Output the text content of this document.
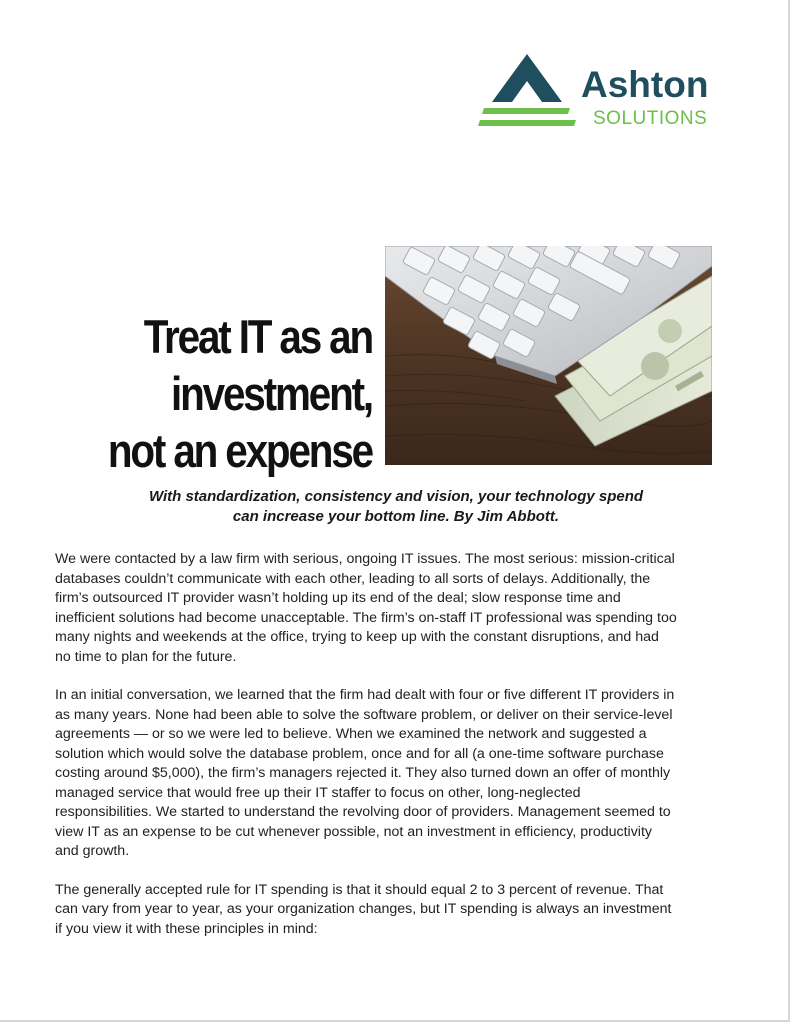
Ashton
SOLUTIONS
Treat IT as an
investment,
not an expense
With standardization, consistency and vision, your technology spend
can increase your bottom line. By Jim Abbott.

We were contacted by a law firm with serious, ongoing IT issues. The most serious: mission-critical
databases couldn’t communicate with each other, leading to all sorts of delays. Additionally, the
firm’s outsourced IT provider wasn’t holding up its end of the deal; slow response time and
inefficient solutions had become unacceptable. The firm’s on-staff IT professional was spending too
many nights and weekends at the office, trying to keep up with the constant disruptions, and had
no time to plan for the future.

In an initial conversation, we learned that the firm had dealt with four or five different IT providers in
as many years. None had been able to solve the software problem, or deliver on their service-level
agreements — or so we were led to believe. When we examined the network and suggested a
solution which would solve the database problem, once and for all (a one-time software purchase
costing around $5,000), the firm’s managers rejected it. They also turned down an offer of monthly
managed service that would free up their IT staffer to focus on other, long-neglected
responsibilities. We started to understand the revolving door of providers. Management seemed to
view IT as an expense to be cut whenever possible, not an investment in efficiency, productivity
and growth.

The generally accepted rule for IT spending is that it should equal 2 to 3 percent of revenue. That
can vary from year to year, as your organization changes, but IT spending is always an investment
if you view it with these principles in mind:
